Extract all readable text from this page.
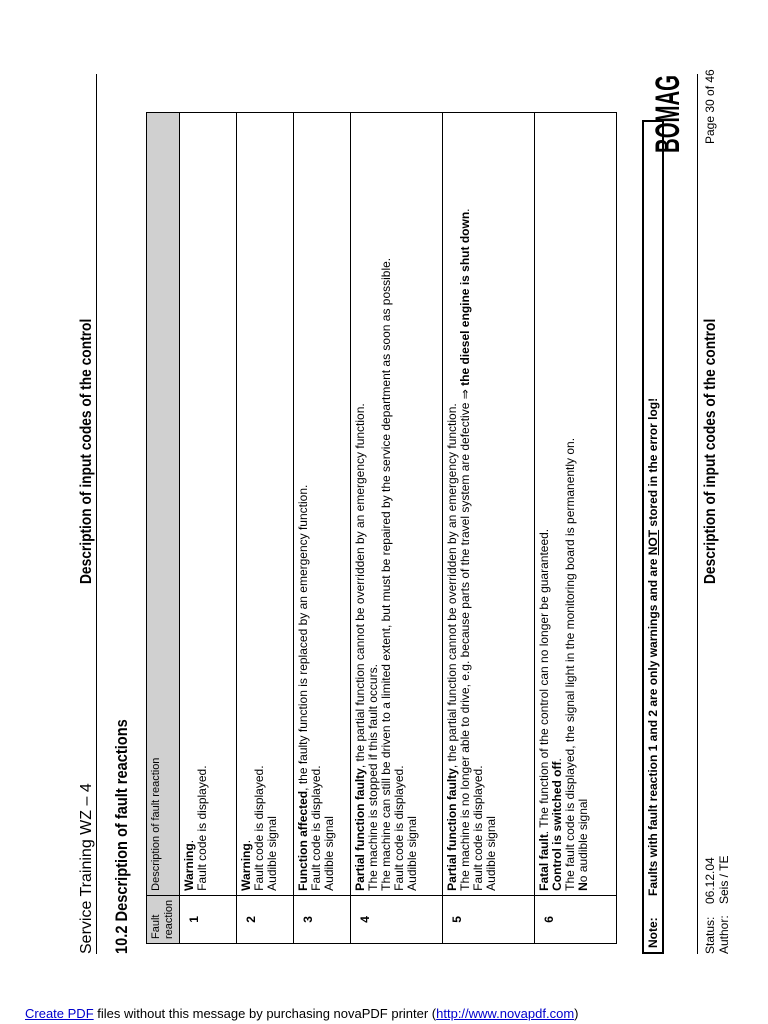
Service Training WZ – 4
Description of input codes of the control
BOMAG
10.2 Description of fault reactions Fault reaction	Description of fault reaction
1	Warning.
Fault code is displayed.
2	Warning.
Fault code is displayed.
Audible signal
3	Function affected, the faulty function is replaced by an emergency function.
Fault code is displayed.
Audible signal
4	Partial function faulty, the partial function cannot be overridden by an emergency function.
The machine is stopped if this fault occurs.
The machine can still be driven to a limited extent, but must be repaired by the service department as soon as possible.
Fault code is displayed.
Audible signal
5	Partial function faulty, the partial function cannot be overridden by an emergency function.
The machine is no longer able to drive, e.g. because parts of the travel system are defective ⇒ the diesel engine is shut down.
Fault code is displayed.
Audible signal
6	Fatal fault. The function of the control can no longer be guaranteed.
Control is switched off.
The fault code is displayed, the signal light in the monitoring board is permanently on.
No audible signal
Note:
Faults with fault reaction 1 and 2 are only warnings and are NOT stored in the error log!
Status:
06.12.04
Author:
Seis / TE
Description of input codes of the control
Page 30 of 46
Create PDF files without this message by purchasing novaPDF printer (http://www.novapdf.com)
